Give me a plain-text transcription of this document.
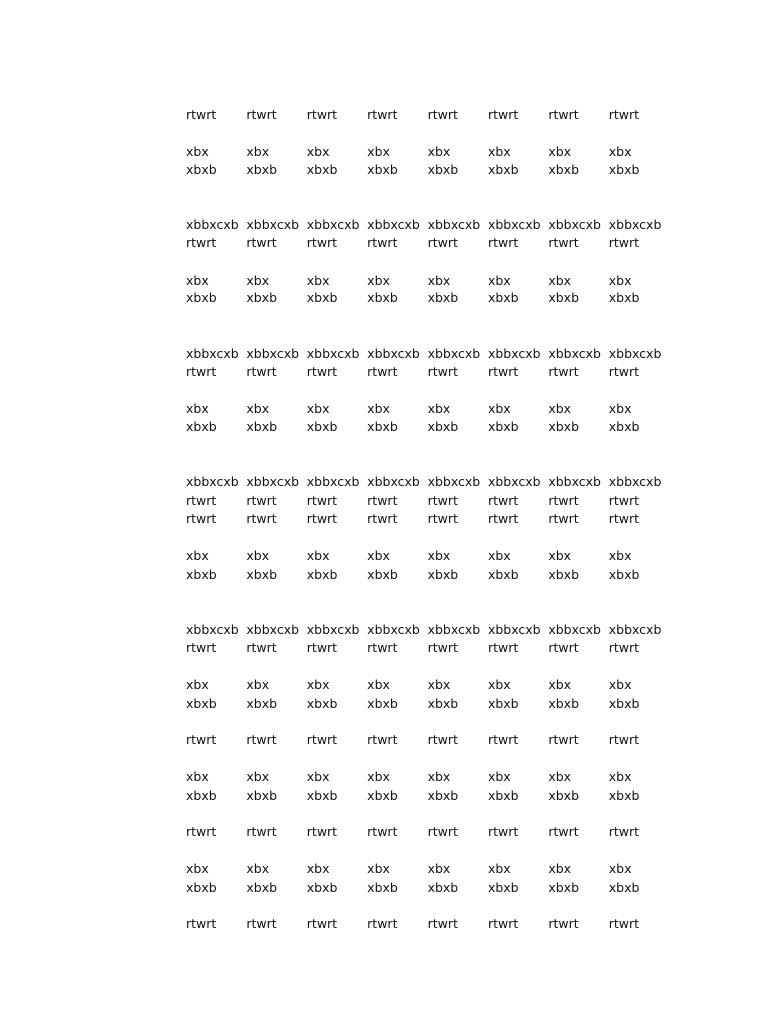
rtwrt	rtwrt	rtwrt	rtwrt	rtwrt	rtwrt	rtwrt	rtwrt
xbx	xbx	xbx	xbx	xbx	xbx	xbx	xbx
xbxb	xbxb	xbxb	xbxb	xbxb	xbxb	xbxb	xbxb
xbbxcxb xbbxcxb xbbxcxb xbbxcxb xbbxcxb xbbxcxb xbbxcxb xbbxcxb
rtwrt	rtwrt	rtwrt	rtwrt	rtwrt	rtwrt	rtwrt	rtwrt
xbx	xbx	xbx	xbx	xbx	xbx	xbx	xbx
xbxb	xbxb	xbxb	xbxb	xbxb	xbxb	xbxb	xbxb
xbbxcxb xbbxcxb xbbxcxb xbbxcxb xbbxcxb xbbxcxb xbbxcxb xbbxcxb
rtwrt	rtwrt	rtwrt	rtwrt	rtwrt	rtwrt	rtwrt	rtwrt
xbx	xbx	xbx	xbx	xbx	xbx	xbx	xbx
xbxb	xbxb	xbxb	xbxb	xbxb	xbxb	xbxb	xbxb
xbbxcxb xbbxcxb xbbxcxb xbbxcxb xbbxcxb xbbxcxb xbbxcxb xbbxcxb
rtwrt	rtwrt	rtwrt	rtwrt	rtwrt	rtwrt	rtwrt	rtwrt
rtwrt	rtwrt	rtwrt	rtwrt	rtwrt	rtwrt	rtwrt	rtwrt
xbx	xbx	xbx	xbx	xbx	xbx	xbx	xbx
xbxb	xbxb	xbxb	xbxb	xbxb	xbxb	xbxb	xbxb
xbbxcxb xbbxcxb xbbxcxb xbbxcxb xbbxcxb xbbxcxb xbbxcxb xbbxcxb
rtwrt	rtwrt	rtwrt	rtwrt	rtwrt	rtwrt	rtwrt	rtwrt
xbx	xbx	xbx	xbx	xbx	xbx	xbx	xbx
xbxb	xbxb	xbxb	xbxb	xbxb	xbxb	xbxb	xbxb
rtwrt	rtwrt	rtwrt	rtwrt	rtwrt	rtwrt	rtwrt	rtwrt
xbx	xbx	xbx	xbx	xbx	xbx	xbx	xbx
xbxb	xbxb	xbxb	xbxb	xbxb	xbxb	xbxb	xbxb
rtwrt	rtwrt	rtwrt	rtwrt	rtwrt	rtwrt	rtwrt	rtwrt
xbx	xbx	xbx	xbx	xbx	xbx	xbx	xbx
xbxb	xbxb	xbxb	xbxb	xbxb	xbxb	xbxb	xbxb
rtwrt	rtwrt	rtwrt	rtwrt	rtwrt	rtwrt	rtwrt	rtwrt
